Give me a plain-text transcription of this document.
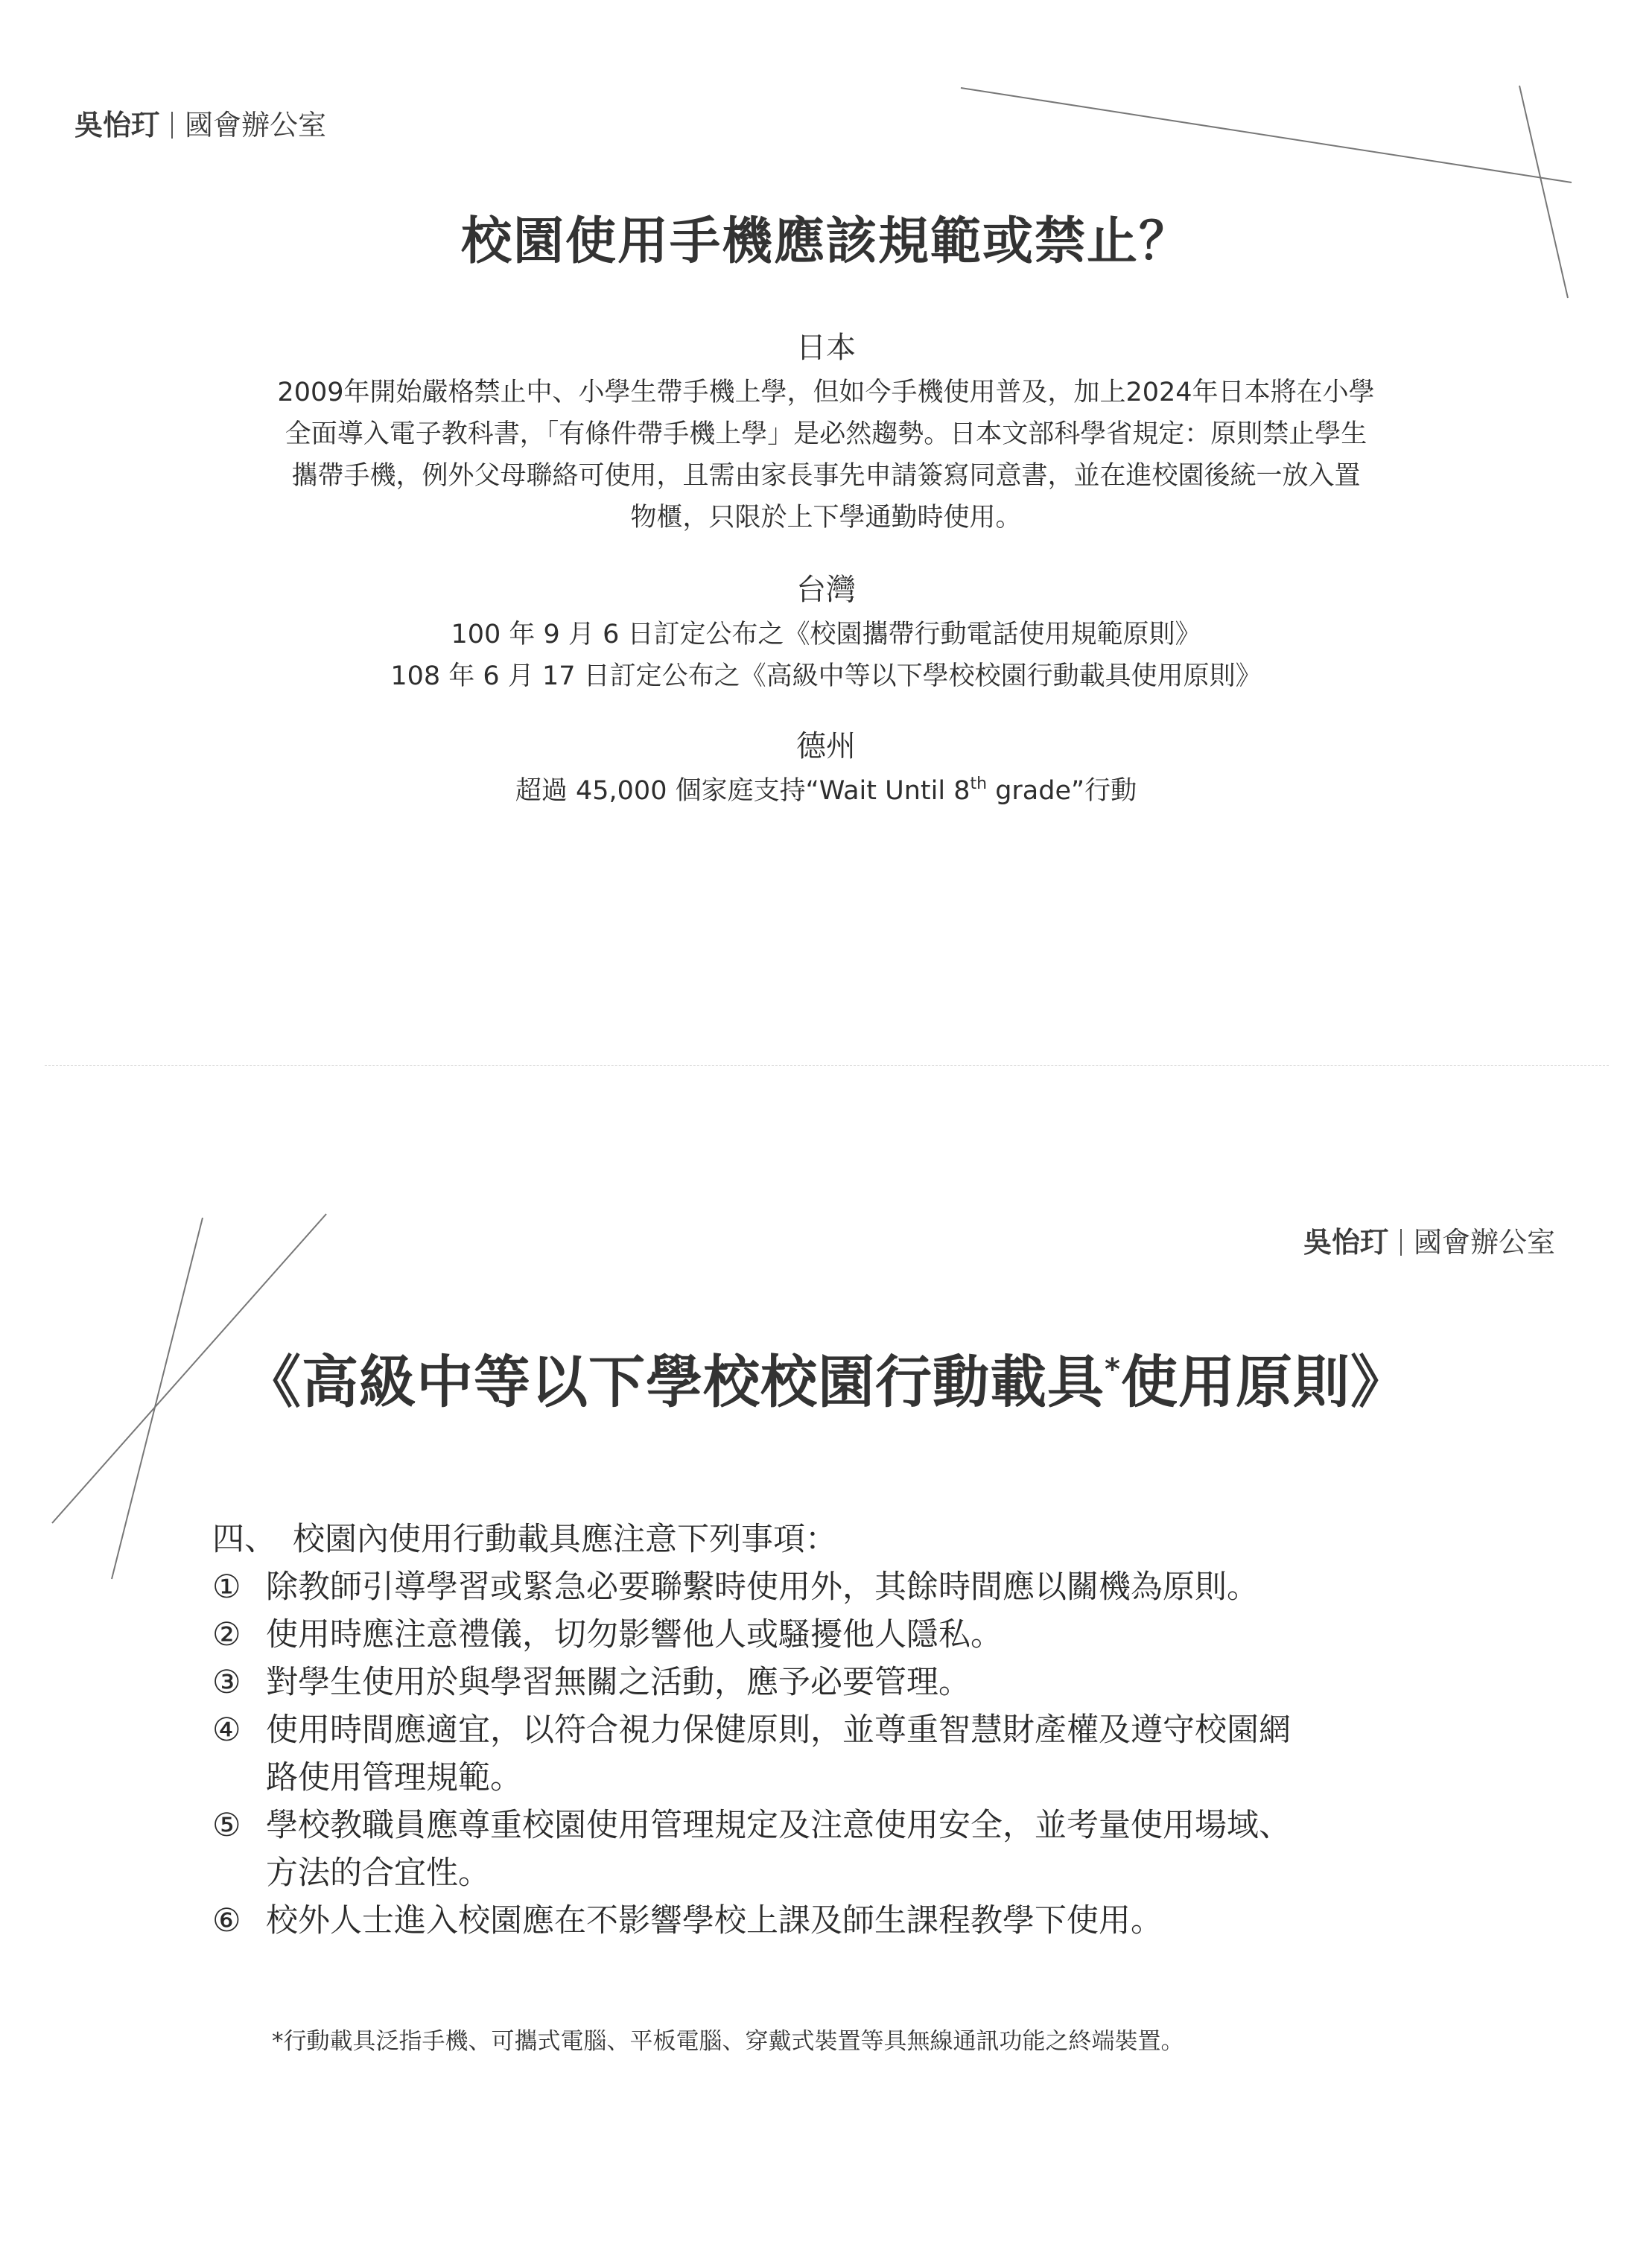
吳怡玎 國會辦公室
校園使用手機應該規範或禁止？
日本
2009年開始嚴格禁止中、小學生帶手機上學，但如今手機使用普及，加上2024年日本將在小學
全面導入電子教科書，「有條件帶手機上學」是必然趨勢。日本文部科學省規定：原則禁止學生
攜帶手機，例外父母聯絡可使用，且需由家長事先申請簽寫同意書，並在進校園後統一放入置
物櫃，只限於上下學通勤時使用。
台灣
100 年 9 月 6 日訂定公布之《校園攜帶行動電話使用規範原則》
108 年 6 月 17 日訂定公布之《高級中等以下學校校園行動載具使用原則》
德州
超過 45,000 個家庭支持“Wait Until 8th grade”行動
吳怡玎 國會辦公室
《高級中等以下學校校園行動載具*使用原則》
四、 校園內使用行動載具應注意下列事項：
① 除教師引導學習或緊急必要聯繫時使用外，其餘時間應以關機為原則。
② 使用時應注意禮儀，切勿影響他人或騷擾他人隱私。
③ 對學生使用於與學習無關之活動，應予必要管理。
④ 使用時間應適宜，以符合視力保健原則，並尊重智慧財產權及遵守校園網
路使用管理規範。
⑤ 學校教職員應尊重校園使用管理規定及注意使用安全，並考量使用場域、
方法的合宜性。
⑥ 校外人士進入校園應在不影響學校上課及師生課程教學下使用。
*行動載具泛指手機、可攜式電腦、平板電腦、穿戴式裝置等具無線通訊功能之終端裝置。
